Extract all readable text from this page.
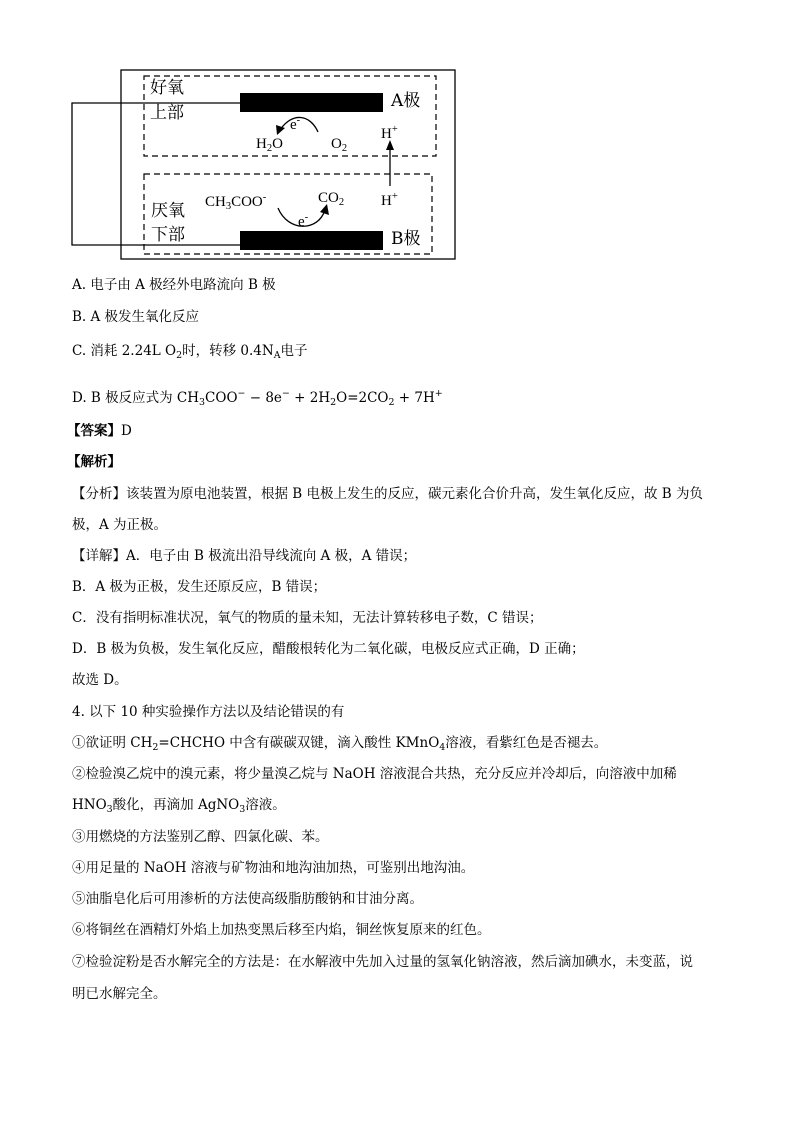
好氧
上部
厌氧
下部
A极
B极
e-
$H_2O$	$O_2$
H+
$CH_3COO^-$	$CO_2$ H+
e-
A. 电子由 A 极经外电路流向 B 极
B. A 极发生氧化反应
C. 消耗 2.24L $O_2$时，转移 $0.4N_A$电子
D. B 极反应式为 $CH_3COO^- - 8e^- + 2H_2O=2CO_2 + 7H^+$
【答案】D
【解析】
【分析】该装置为原电池装置，根据 B 电极上发生的反应，碳元素化合价升高，发生氧化反应，故 B 为负
极，A 为正极。
【详解】A．电子由 B 极流出沿导线流向 A 极，A 错误；
B．A 极为正极，发生还原反应，B 错误；
C．没有指明标准状况，氧气的物质的量未知，无法计算转移电子数，C 错误；
D．B 极为负极，发生氧化反应，醋酸根转化为二氧化碳，电极反应式正确，D 正确；
故选 D。
4. 以下 10 种实验操作方法以及结论错误的有
①欲证明 $CH_2=CHCHO$ 中含有碳碳双键，滴入酸性 KMnO$_4$溶液，看紫红色是否褪去。
②检验溴乙烷中的溴元素，将少量溴乙烷与 NaOH 溶液混合共热，充分反应并冷却后，向溶液中加稀
$HNO_3$酸化，再滴加 AgNO$_3$溶液。
③用燃烧的方法鉴别乙醇、四氯化碳、苯。
④用足量的 NaOH 溶液与矿物油和地沟油加热，可鉴别出地沟油。
⑤油脂皂化后可用渗析的方法使高级脂肪酸钠和甘油分离。
⑥将铜丝在酒精灯外焰上加热变黑后移至内焰，铜丝恢复原来的红色。
⑦检验淀粉是否水解完全的方法是：在水解液中先加入过量的氢氧化钠溶液，然后滴加碘水，未变蓝，说
明已水解完全。
